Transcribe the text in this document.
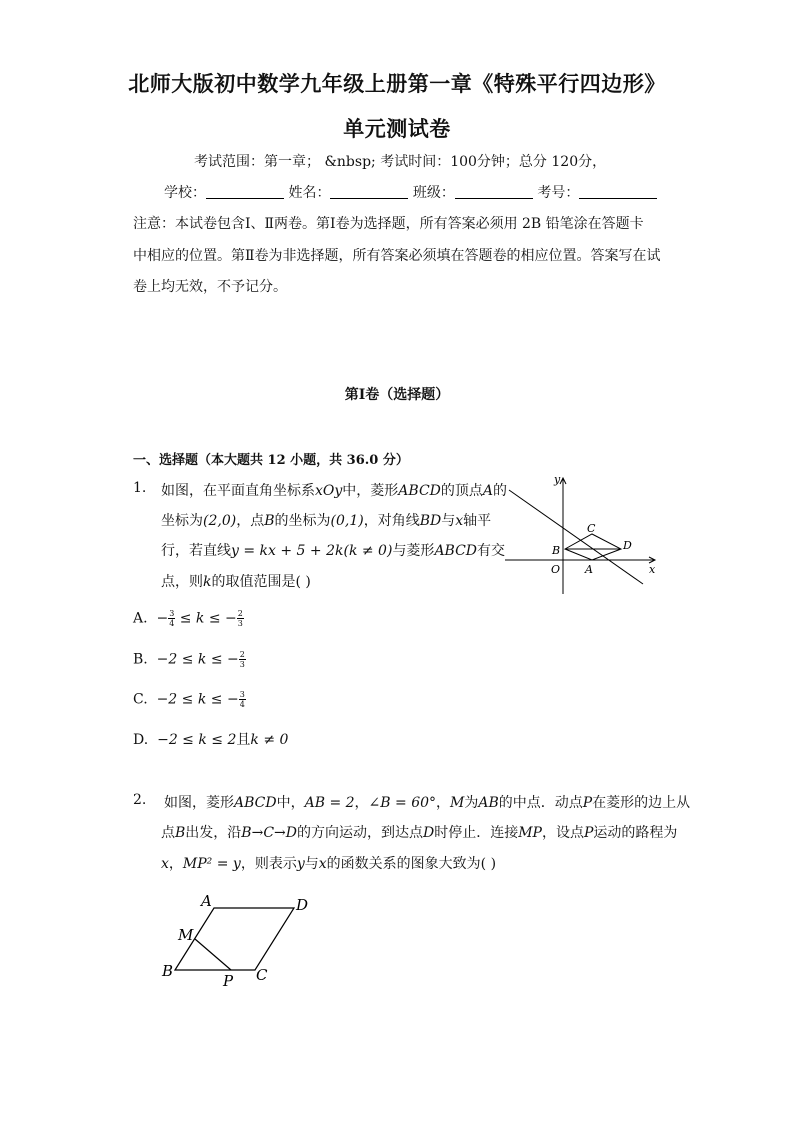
北师大版初中数学九年级上册第一章《特殊平行四边形》
单元测试卷
考试范围：第一章； &nbsp; 考试时间：100分钟；总分 120分，
学校：	姓名：	班级：	考号：
注意：本试卷包含Ⅰ、Ⅱ两卷。第Ⅰ卷为选择题，所有答案必须用 2B 铅笔涂在答题卡
中相应的位置。第Ⅱ卷为非选择题，所有答案必须填在答题卷的相应位置。答案写在试
卷上均无效，不予记分。
第Ⅰ卷（选择题）
一、选择题（本大题共 12 小题，共 36.0 分）
1. 如图，在平面直角坐标系xOy中，菱形ABCD的顶点A的
坐标为(2,0)，点B的坐标为(0,1)，对角线BD与x轴平
行，若直线y = kx + 5 + 2k(k ≠ 0)与菱形ABCD有交
点，则k的取值范围是( )
y
x
O
B
C
D
A
A. − $\frac{3}{4} \le k$ ≤ − $\frac{2}{3}$
B. −2 ≤ k ≤ − $\frac{2}{3}$
C. −2 ≤ k ≤ − $\frac{3}{4}$
D. −2 ≤ k ≤ 2且k ≠ 0
2. 如图，菱形ABCD中，AB = 2，∠B = 60°，M为AB的中点．动点P在菱形的边上从
点B出发，沿B→C→D的方向运动，到达点D时停止．连接MP，设点P运动的路程为
x，MP² = y，则表示y与x的函数关系的图象大致为( )
A	D
M
B
P C
